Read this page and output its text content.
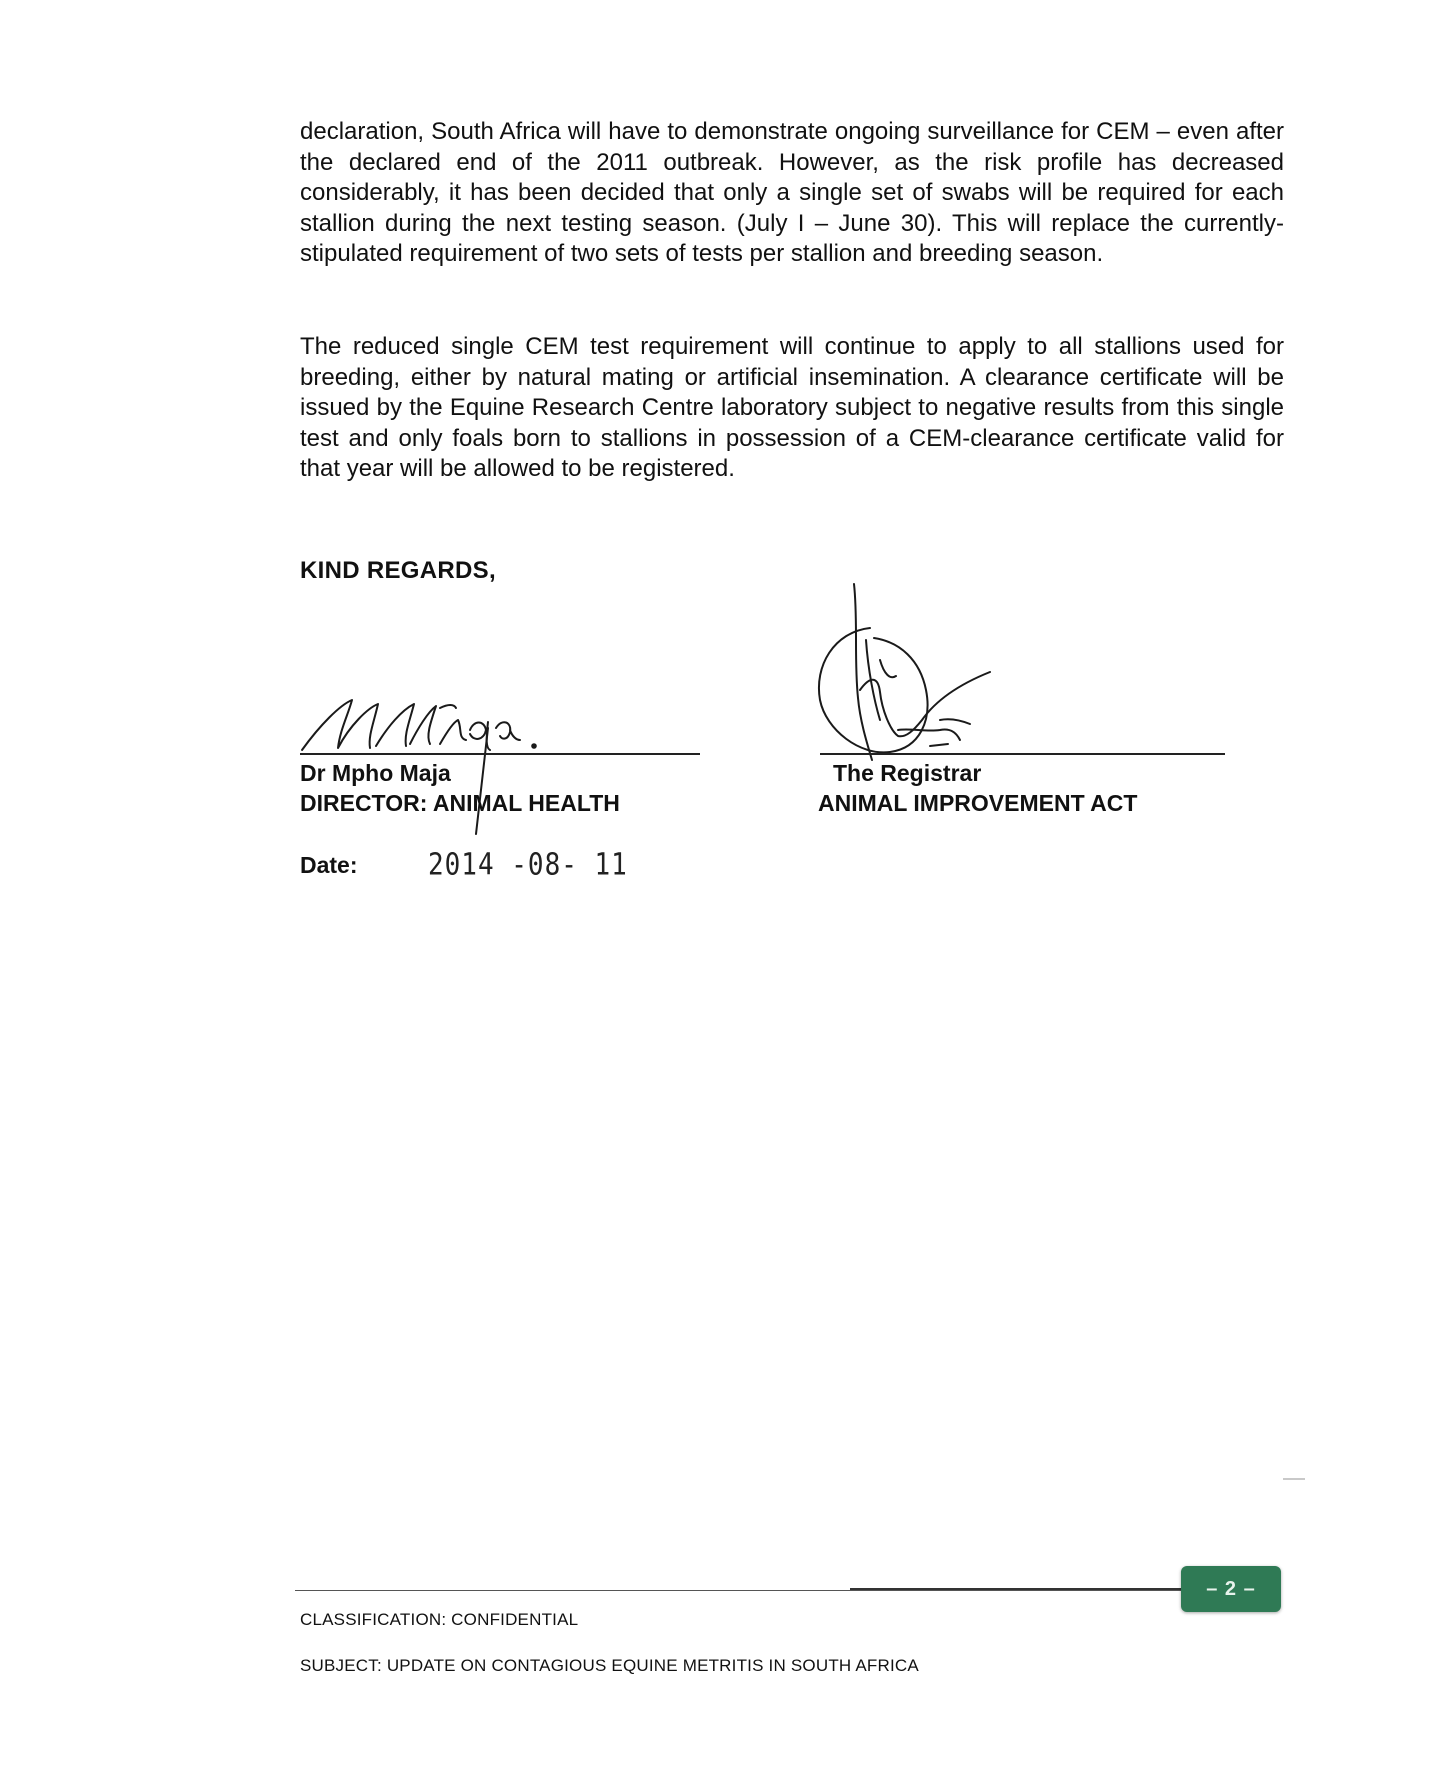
declaration, South Africa will have to demonstrate ongoing surveillance for CEM – even after the declared end of the 2011 outbreak. However, as the risk profile has decreased considerably, it has been decided that only a single set of swabs will be required for each stallion during the next testing season. (July I – June 30). This will replace the currently-stipulated requirement of two sets of tests per stallion and breeding season.

The reduced single CEM test requirement will continue to apply to all stallions used for breeding, either by natural mating or artificial insemination. A clearance certificate will be issued by the Equine Research Centre laboratory subject to negative results from this single test and only foals born to stallions in possession of a CEM-clearance certificate valid for that year will be allowed to be registered.

KIND REGARDS,
Dr Mpho Maja
DIRECTOR: ANIMAL HEALTH
The Registrar
ANIMAL IMPROVEMENT ACT
Date:	2014 -08- 11
– 2 –
CLASSIFICATION: CONFIDENTIAL
SUBJECT: UPDATE ON CONTAGIOUS EQUINE METRITIS IN SOUTH AFRICA
